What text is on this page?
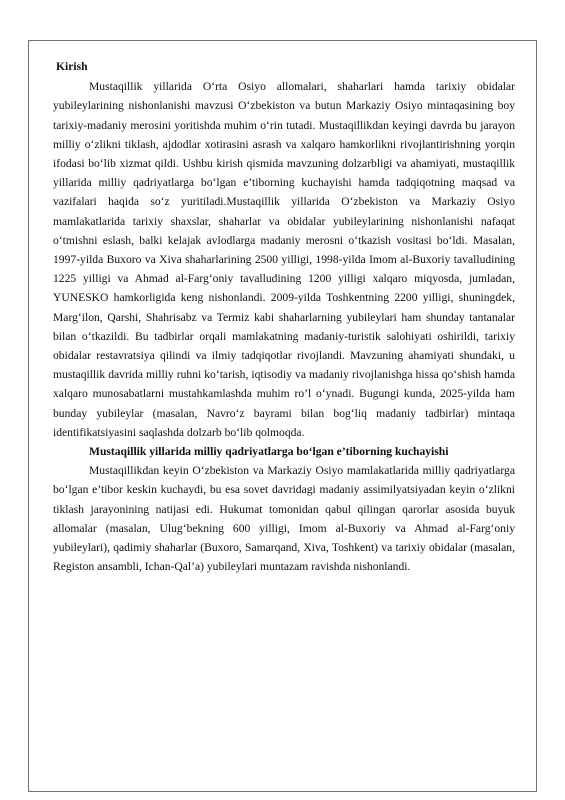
Kirish

Mustaqillik yillarida O‘rta Osiyo allomalari, shaharlari hamda tarixiy obidalar yubileylarining nishonlanishi mavzusi O‘zbekiston va butun Markaziy Osiyo mintaqasining boy tarixiy-madaniy merosini yoritishda muhim o‘rin tutadi. Mustaqillikdan keyingi davrda bu jarayon milliy o‘zlikni tiklash, ajdodlar xotirasini asrash va xalqaro hamkorlikni rivojlantirishning yorqin ifodasi bo‘lib xizmat qildi. Ushbu kirish qismida mavzuning dolzarbligi va ahamiyati, mustaqillik yillarida milliy qadriyatlarga bo‘lgan e’tiborning kuchayishi hamda tadqiqotning maqsad va vazifalari haqida so‘z yuritiladi.Mustaqillik yillarida O‘zbekiston va Markaziy Osiyo mamlakatlarida tarixiy shaxslar, shaharlar va obidalar yubileylarining nishonlanishi nafaqat o‘tmishni eslash, balki kelajak avlodlarga madaniy merosni o‘tkazish vositasi bo‘ldi. Masalan, 1997-yilda Buxoro va Xiva shaharlarining 2500 yilligi, 1998-yilda Imom al-Buxoriy tavalludining 1225 yilligi va Ahmad al-Farg‘oniy tavalludining 1200 yilligi xalqaro miqyosda, jumladan, YUNESKO hamkorligida keng nishonlandi. 2009-yilda Toshkentning 2200 yilligi, shuningdek, Marg‘ilon, Qarshi, Shahrisabz va Termiz kabi shaharlarning yubileylari ham shunday tantanalar bilan o‘tkazildi. Bu tadbirlar orqali mamlakatning madaniy-turistik salohiyati oshirildi, tarixiy obidalar restavratsiya qilindi va ilmiy tadqiqotlar rivojlandi. Mavzuning ahamiyati shundaki, u mustaqillik davrida milliy ruhni ko‘tarish, iqtisodiy va madaniy rivojlanishga hissa qo‘shish hamda xalqaro munosabatlarni mustahkamlashda muhim ro’l o‘ynadi. Bugungi kunda, 2025-yilda ham bunday yubileylar (masalan, Navro‘z bayrami bilan bog‘liq madaniy tadbirlar) mintaqa identifikatsiyasini saqlashda dolzarb bo‘lib qolmoqda.

Mustaqillik yillarida milliy qadriyatlarga bo‘lgan e’tiborning kuchayishi

Mustaqillikdan keyin O‘zbekiston va Markaziy Osiyo mamlakatlarida milliy qadriyatlarga bo‘lgan e’tibor keskin kuchaydi, bu esa sovet davridagi madaniy assimilyatsiyadan keyin o‘zlikni tiklash jarayonining natijasi edi. Hukumat tomonidan qabul qilingan qarorlar asosida buyuk allomalar (masalan, Ulug‘bekning 600 yilligi, Imom al-Buxoriy va Ahmad al-Farg‘oniy yubileylari), qadimiy shaharlar (Buxoro, Samarqand, Xiva, Toshkent) va tarixiy obidalar (masalan, Registon ansambli, Ichan-Qal’a) yubileylari muntazam ravishda nishonlandi.
